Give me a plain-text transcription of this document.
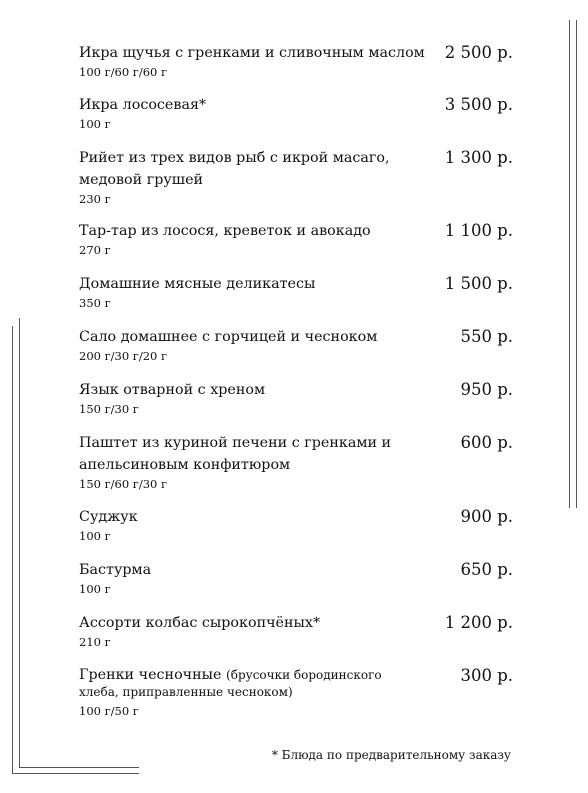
Икра щучья с гренками и сливочным маслом 2 500 р.
100 г/60 г/60 г
Икра лососевая*	3 500 р.
100 г
Рийет из трех видов рыб с икрой масаго, медовой грушей
1 300 р.
230 г
Тар-тар из лосося, креветок и авокадо	1 100 р.
270 г
Домашние мясные деликатесы	1 500 р.
350 г
Сало домашнее с горчицей и чесноком	550 р.
200 г/30 г/20 г
Язык отварной с хреном	950 р.
150 г/30 г
Паштет из куриной печени с гренками и апельсиновым конфитюром
600 р.
150 г/60 г/30 г
Суджук	900 р.
100 г
Бастурма	650 р.
100 г
Ассорти колбас сырокопчёных*	1 200 р.
210 г
Гренки чесночные (брусочки бородинского хлеба, приправленные чесноком)
300 р.
100 г/50 г
* Блюда по предварительному заказу
